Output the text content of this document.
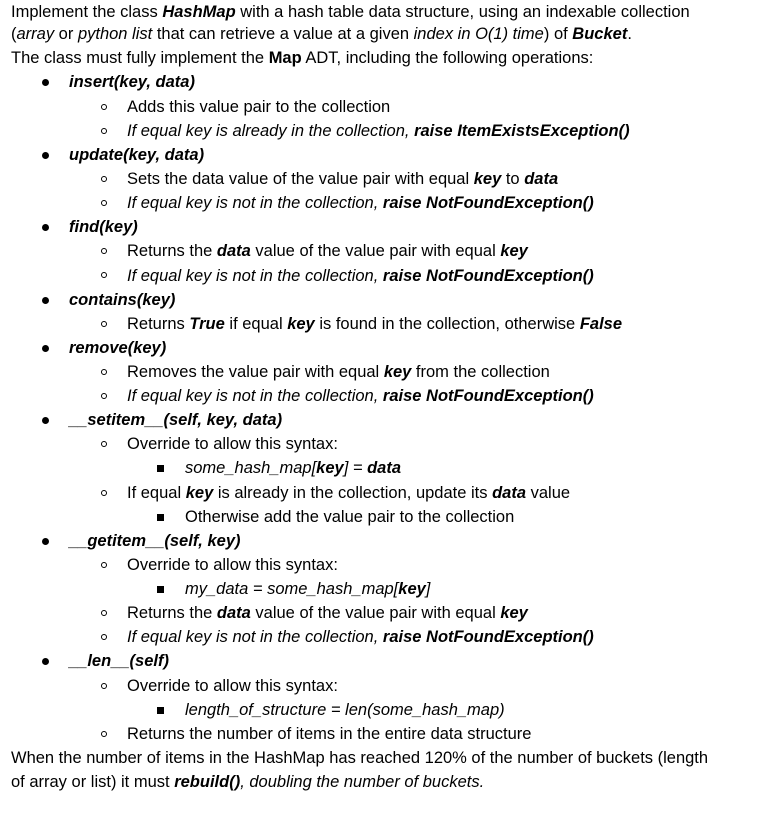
Implement the class HashMap with a hash table data structure, using an indexable collection
(array or python list that can retrieve a value at a given index in O(1) time) of Bucket.
The class must fully implement the Map ADT, including the following operations:
insert(key, data)
Adds this value pair to the collection
If equal key is already in the collection, raise ItemExistsException()
update(key, data)
Sets the data value of the value pair with equal key to data
If equal key is not in the collection, raise NotFoundException()
find(key)
Returns the data value of the value pair with equal key
If equal key is not in the collection, raise NotFoundException()
contains(key)
Returns True if equal key is found in the collection, otherwise False
remove(key)
Removes the value pair with equal key from the collection
If equal key is not in the collection, raise NotFoundException()
__setitem__(self, key, data)
Override to allow this syntax:
some_hash_map[key] = data
If equal key is already in the collection, update its data value
Otherwise add the value pair to the collection
__getitem__(self, key)
Override to allow this syntax:
my_data = some_hash_map[key]
Returns the data value of the value pair with equal key
If equal key is not in the collection, raise NotFoundException()
__len__(self)
Override to allow this syntax:
length_of_structure = len(some_hash_map)
Returns the number of items in the entire data structure
When the number of items in the HashMap has reached 120% of the number of buckets (length
of array or list) it must rebuild(), doubling the number of buckets.
